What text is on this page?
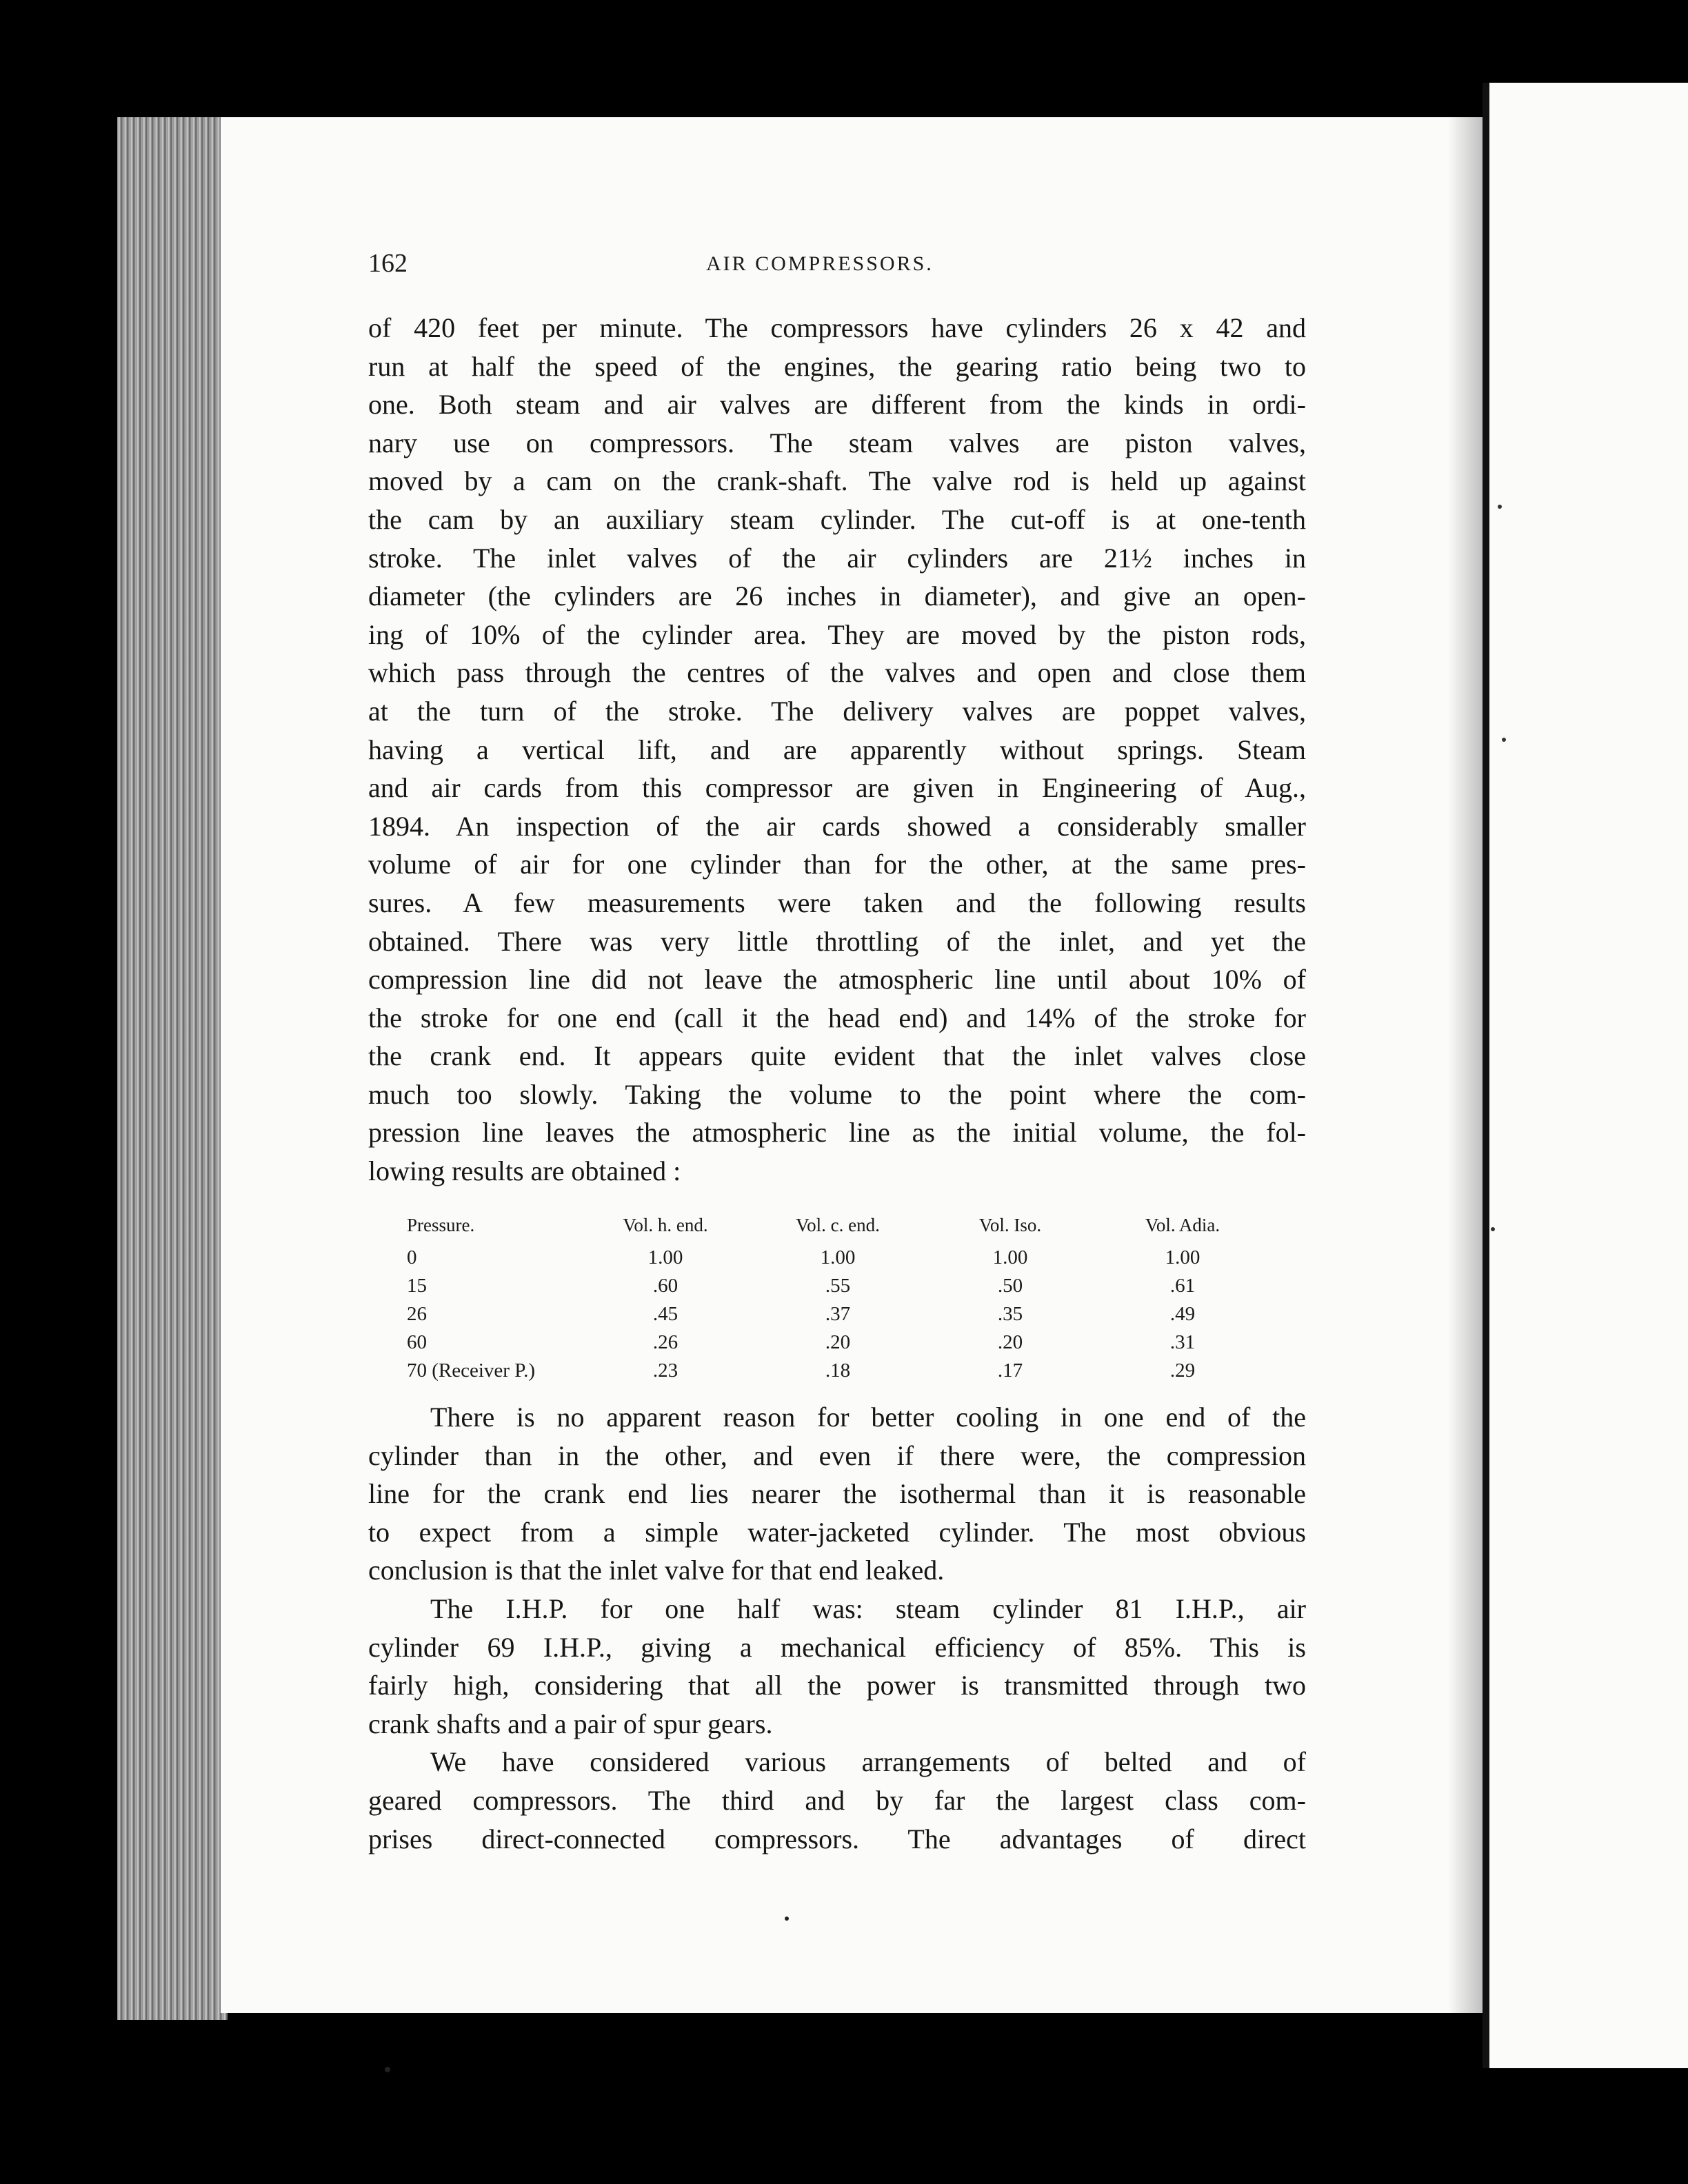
162	AIR COMPRESSORS.
of 420 feet per minute. The compressors have cylinders 26 x 42 and
run at half the speed of the engines, the gearing ratio being two to
one. Both steam and air valves are different from the kinds in ordi-
nary use on compressors. The steam valves are piston valves,
moved by a cam on the crank-shaft. The valve rod is held up against
the cam by an auxiliary steam cylinder. The cut-off is at one-tenth
stroke. The inlet valves of the air cylinders are 21½ inches in
diameter (the cylinders are 26 inches in diameter), and give an open-
ing of 10% of the cylinder area. They are moved by the piston rods,
which pass through the centres of the valves and open and close them
at the turn of the stroke. The delivery valves are poppet valves,
having a vertical lift, and are apparently without springs. Steam
and air cards from this compressor are given in Engineering of Aug.,
1894. An inspection of the air cards showed a considerably smaller
volume of air for one cylinder than for the other, at the same pres-
sures. A few measurements were taken and the following results
obtained. There was very little throttling of the inlet, and yet the
compression line did not leave the atmospheric line until about 10% of
the stroke for one end (call it the head end) and 14% of the stroke for
the crank end. It appears quite evident that the inlet valves close
much too slowly. Taking the volume to the point where the com-
pression line leaves the atmospheric line as the initial volume, the fol-
lowing results are obtained :
Pressure.	Vol. h. end.	Vol. c. end.	Vol. Iso.	Vol. Adia.
0	1.00	1.00	1.00	1.00
15	.60	.55	.50	.61
26	.45	.37	.35	.49
60	.26	.20	.20	.31
70 (Receiver P.)	.23	.18	.17	.29
There is no apparent reason for better cooling in one end of the
cylinder than in the other, and even if there were, the compression
line for the crank end lies nearer the isothermal than it is reasonable
to expect from a simple water-jacketed cylinder. The most obvious
conclusion is that the inlet valve for that end leaked.
The I.H.P. for one half was: steam cylinder 81 I.H.P., air
cylinder 69 I.H.P., giving a mechanical efficiency of 85%. This is
fairly high, considering that all the power is transmitted through two
crank shafts and a pair of spur gears.
We have considered various arrangements of belted and of
geared compressors. The third and by far the largest class com-
prises direct-connected compressors. The advantages of direct
